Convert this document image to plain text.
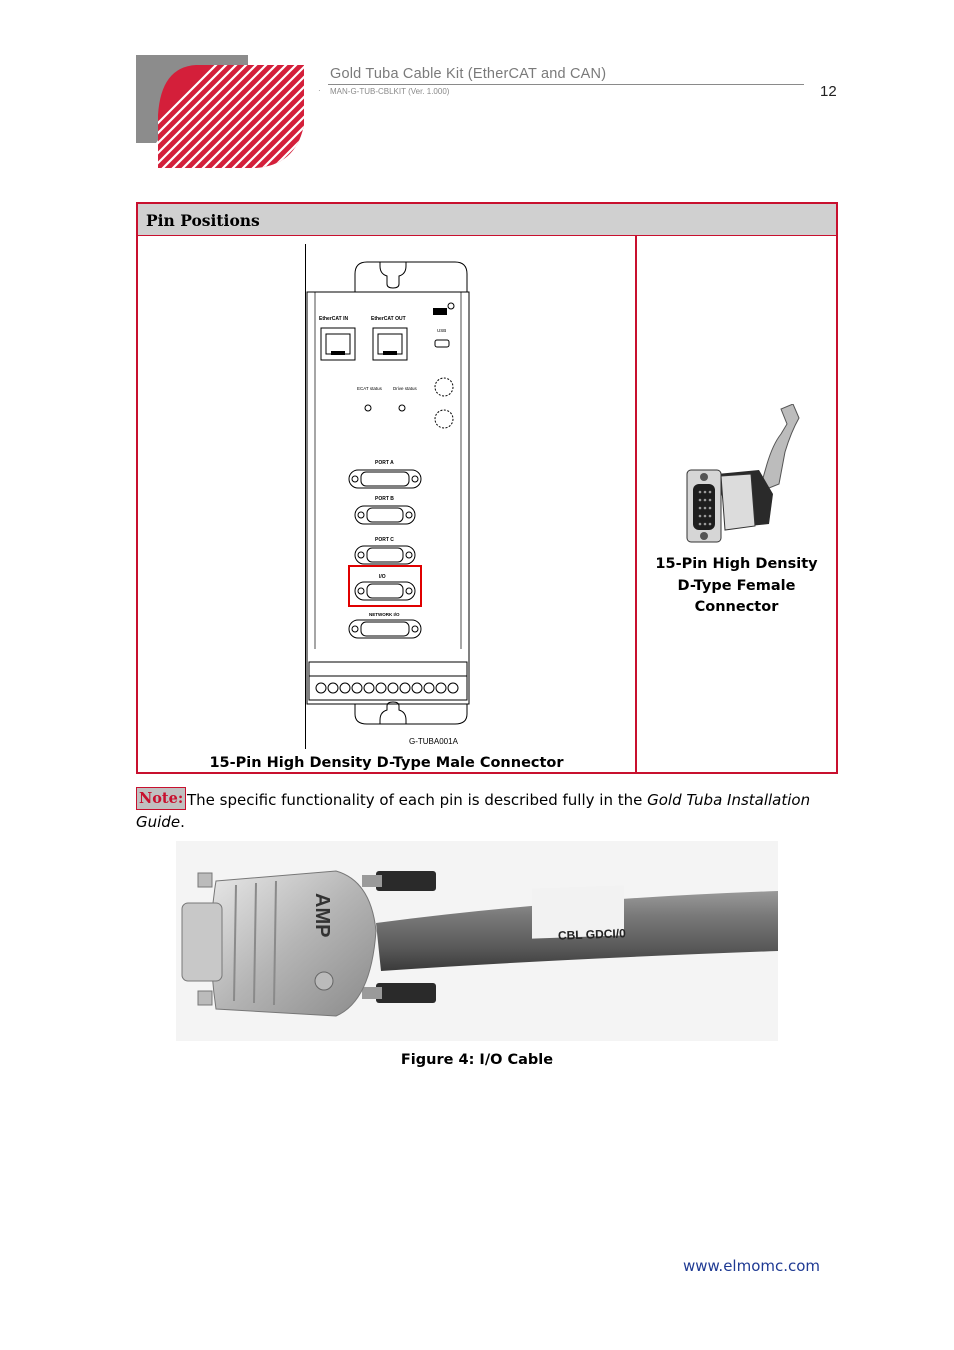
Gold Tuba Cable Kit (EtherCAT and CAN)
· MAN-G-TUB-CBLKIT (Ver. 1.000)	12
Pin Positions
EtherCAT IN	EtherCAT OUT
USB
ECAT status Drive status
PORT A
PORT B
PORT C
I/O
NETWORK I/O
G-TUBA001A
15-Pin High Density D-Type Male Connector
15-Pin High Density
D-Type Female
Connector
Note: The specific functionality of each pin is described fully in the Gold Tuba Installation
Guide.
CBL GDCI/0
AMP
Figure 4: I/O Cable
www.elmomc.com
